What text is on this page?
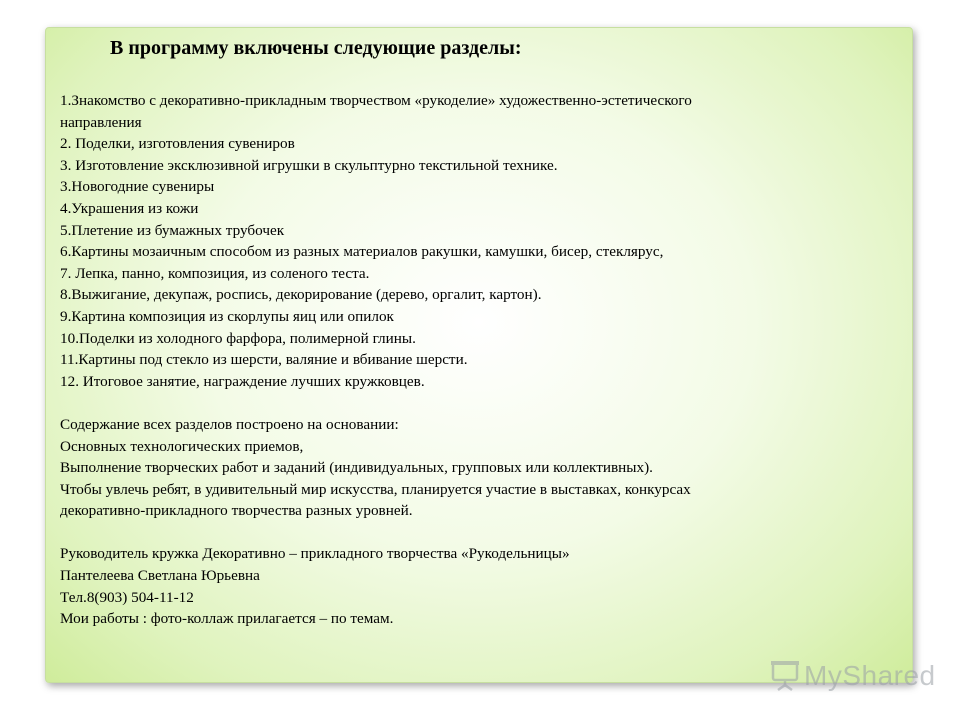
В программу включены следующие разделы:
1.Знакомство с декоративно-прикладным творчеством «рукоделие» художественно-эстетического
направления
2. Поделки, изготовления сувениров
3. Изготовление эксклюзивной игрушки в скульптурно текстильной технике.
3.Новогодние сувениры
4.Украшения из кожи
5.Плетение из бумажных трубочек
6.Картины мозаичным способом из разных материалов ракушки, камушки, бисер, стеклярус,
7. Лепка, панно, композиция, из соленого теста.
8.Выжигание, декупаж, роспись, декорирование (дерево, оргалит, картон).
9.Картина композиция из скорлупы яиц или опилок
10.Поделки из холодного фарфора, полимерной глины.
11.Картины под стекло из шерсти, валяние и вбивание шерсти.
12. Итоговое занятие, награждение лучших кружковцев.
Содержание всех разделов построено на основании:
Основных технологических приемов,
Выполнение творческих работ и заданий (индивидуальных, групповых или коллективных).
Чтобы увлечь ребят, в удивительный мир искусства, планируется участие в выставках, конкурсах
декоративно-прикладного творчества разных уровней.
Руководитель кружка Декоративно – прикладного творчества «Рукодельницы»
Пантелеева Светлана Юрьевна
Тел.8(903) 504-11-12
Мои работы : фото-коллаж прилагается – по темам.
MyShared
